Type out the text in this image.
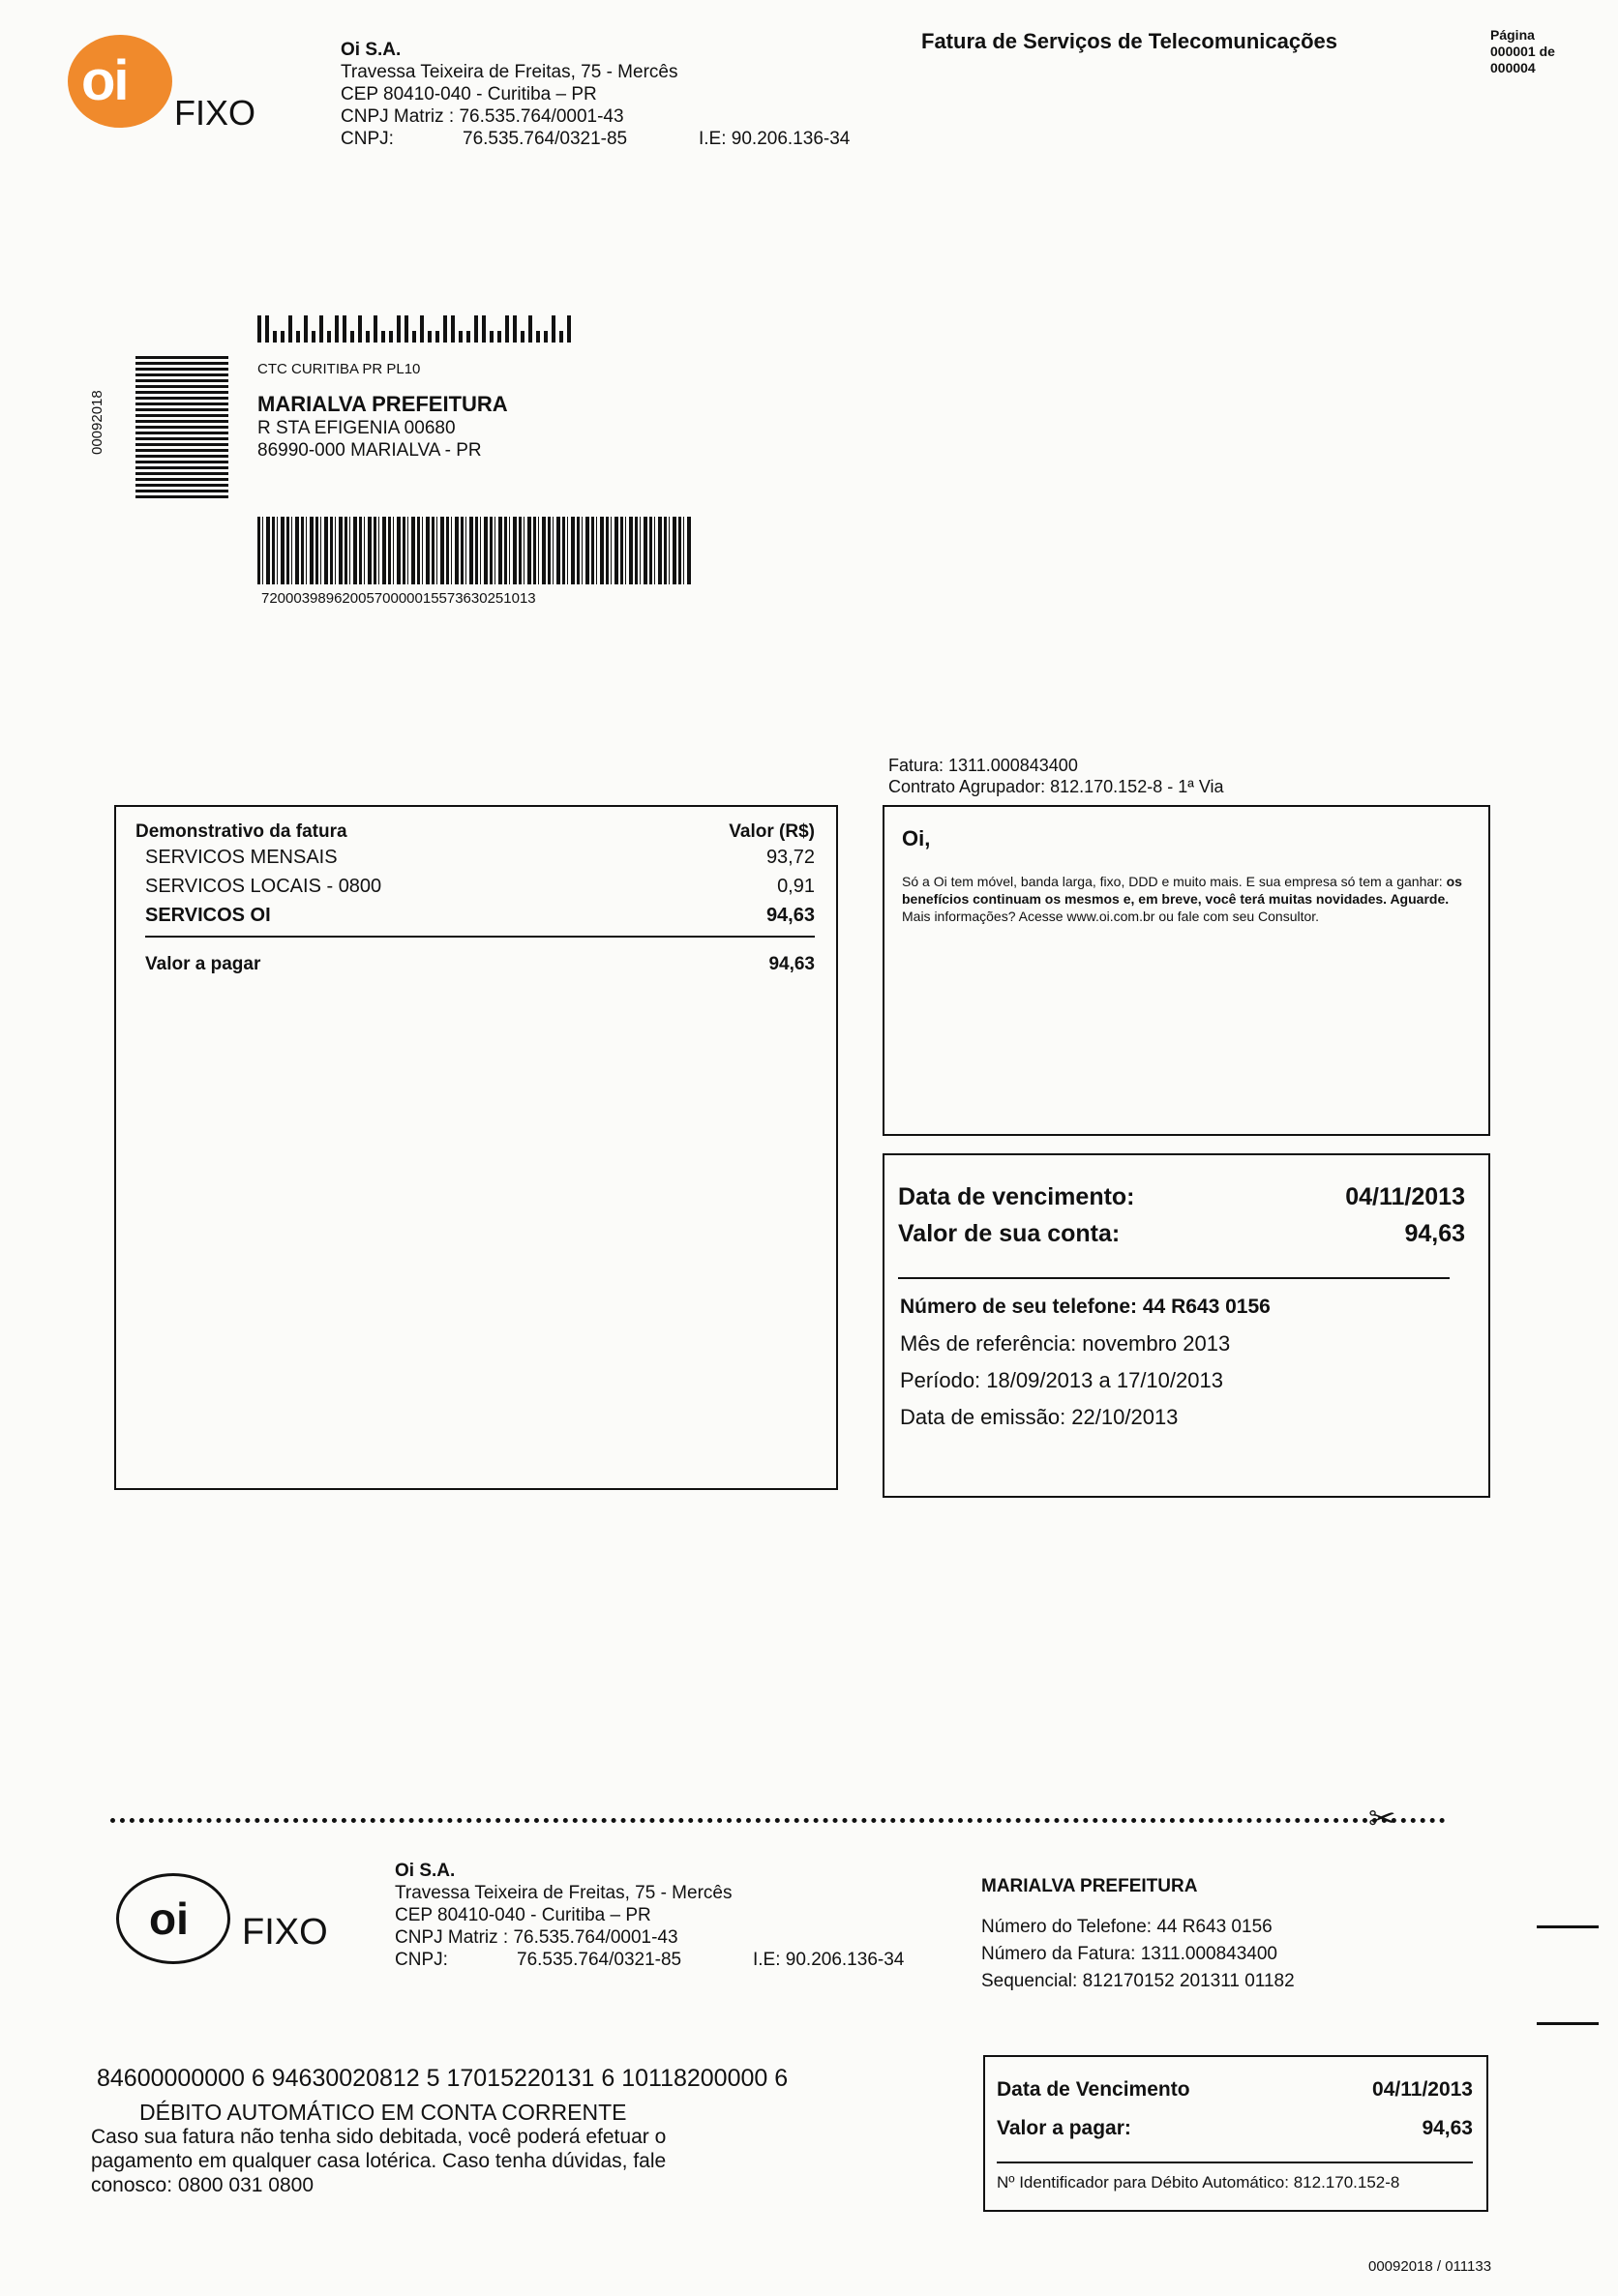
oi
FIXO
Oi S.A.
Travessa Teixeira de Freitas, 75 - Mercês
CEP 80410-040 - Curitiba – PR
CNPJ Matriz : 76.535.764/0001-43
CNPJ:	76.535.764/0321-85	I.E: 90.206.136-34
Fatura de Serviços de Telecomunicações	Página
000001 de
000004
00092018
CTC CURITIBA PR PL10
MARIALVA PREFEITURA
R STA EFIGENIA 00680
86990-000 MARIALVA - PR
72000398962005700000155736302510​13
Fatura: 1311.000843400
Contrato Agrupador: 812.170.152-8 - 1ª Via
Demonstrativo da fatura	Valor (R$)
SERVICOS MENSAIS	93,72
SERVICOS LOCAIS - 0800	0,91
SERVICOS OI	94,63
Valor a pagar	94,63
Oi,
Só a Oi tem móvel, banda larga, fixo, DDD e muito mais. E sua empresa só tem a ganhar: os benefícios continuam os mesmos e, em breve, você terá muitas novidades. Aguarde.
Mais informações? Acesse www.oi.com.br ou fale com seu Consultor.
Data de vencimento:	04/11/2013
Valor de sua conta:	94,63
Número de seu telefone: 44 R643 0156
Mês de referência: novembro 2013
Período: 18/09/2013 a 17/10/2013
Data de emissão: 22/10/2013
✂
oi FIXO
Oi S.A.
Travessa Teixeira de Freitas, 75 - Mercês
CEP 80410-040 - Curitiba – PR
CNPJ Matriz : 76.535.764/0001-43
CNPJ:	76.535.764/0321-85	I.E: 90.206.136-34
MARIALVA PREFEITURA
Número do Telefone: 44 R643 0156
Número da Fatura: 1311.000843400
Sequencial: 812170152 201311 01182
84600000000 6 94630020812 5 17015220131 6 10118200000 6
DÉBITO AUTOMÁTICO EM CONTA CORRENTE
Caso sua fatura não tenha sido debitada, você poderá efetuar o pagamento em qualquer casa lotérica. Caso tenha dúvidas, fale conosco: 0800 031 0800
Data de Vencimento	04/11/2013
Valor a pagar:	94,63
Nº Identificador para Débito Automático: 812.170.152-8
00092018 / 011133
